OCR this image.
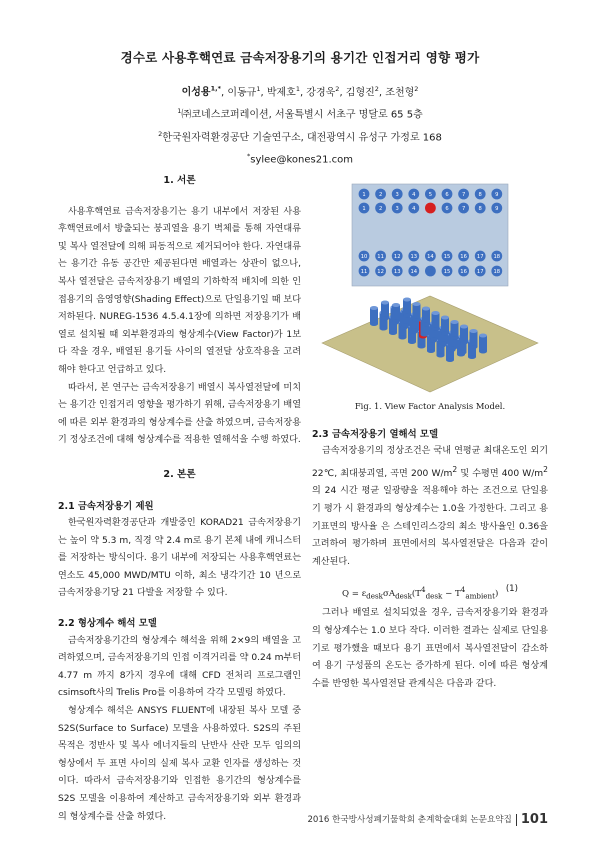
경수로 사용후핵연료 금속저장용기의 용기간 인접거리 영향 평가
이성용$^{1,*}$, 이동규$^1$, 박제호$^1$, 강경욱$^2$, 김형진$^2$, 조천형$^2$
$^1$㈜코네스코퍼레이션, 서울특별시 서초구 명달로 65 5층
$^2$한국원자력환경공단 기술연구소, 대전광역시 유성구 가정로 168
*sylee@kones21.com
1. 서론

사용후핵연료 금속저장용기는 용기 내부에서 저장된 사용후핵연료에서 방출되는 붕괴열을 용기 벽체를 통해 자연대류 및 복사 열전달에 의해 피동적으로 제거되어야 한다. 자연대류는 용기간 유동 공간만 제공된다면 배열과는 상관이 없으나, 복사 열전달은 금속저장용기 배열의 기하학적 배치에 의한 인접용기의 음영영향(Shading Effect)으로 단일용기일 때 보다 저하된다. NUREG-1536 4.5.4.1장에 의하면 저장용기가 배열로 설치될 때 외부환경과의 형상계수(View Factor)가 1보다 작을 경우, 배열된 용기들 사이의 열전달 상호작용을 고려해야 한다고 언급하고 있다.

따라서, 본 연구는 금속저장용기 배열시 복사열전달에 미치는 용기간 인접거리 영향을 평가하기 위해, 금속저장용기 배열에 따른 외부 환경과의 형상계수를 산출 하였으며, 금속저장용기 정상조건에 대해 형상계수를 적용한 열해석을 수행 하였다.

2. 본론

2.1 금속저장용기 제원

한국원자력환경공단과 개발중인 KORAD21 금속저장용기는 높이 약 5.3 m, 직경 약 2.4 m로 용기 본체 내에 캐니스터를 저장하는 방식이다. 용기 내부에 저장되는 사용후핵연료는 연소도 45,000 MWD/MTU 이하, 최소 냉각기간 10 년으로 금속저장용기당 21 다발을 저장할 수 있다.

2.2 형상계수 해석 모델

금속저장용기간의 형상계수 해석을 위해 2×9의 배열을 고려하였으며, 금속저장용기의 인접 이격거리를 약 0.24 m부터 4.77 m 까지 8가지 경우에 대해 CFD 전처리 프로그램인 csimsoft사의 Trelis Pro를 이용하여 각각 모델링 하였다.

형상계수 해석은 ANSYS FLUENT에 내장된 복사 모델 중 S2S(Surface to Surface) 모델을 사용하였다. S2S의 주된 목적은 정반사 및 복사 에너지들의 난반사 산란 모두 임의의 형상에서 두 표면 사이의 실제 복사 교환 인자를 생성하는 것이다. 따라서 금속저장용기와 인접한 용기간의 형상계수를 S2S 모델을 이용하여 계산하고 금속저장용기와 외부 환경과의 형상계수를 산출 하였다.

1	2	3	4	5	6	7	8	9
1	2	3	4	6	7	8	9
10 11 12 13 14 15 16 17 18
11 12 13 14	15 16 17 18
Fig. 1. View Factor Analysis Model.

2.3 금속저장용기 열해석 모델

금속저장용기의 정상조건은 국내 연평균 최대온도인 외기 22℃, 최대붕괴열, 곡면 200 $W/m^2$ 및 수평면 400 $W/m^2$의 24 시간 평균 일광량을 적용해야 하는 조건으로 단일용기 평가 시 환경과의 형상계수는 1.0을 가정한다. 그리고 용기표면의 방사율 은 스테인리스강의 최소 방사율인 0.36을 고려하여 평가하며 표면에서의 복사열전달은 다음과 같이 계산된다.

$Q = \varepsilon_{desk}\sigma A_{desk}(T^4_{desk} - T^4_{ambient})$ (1)

그러나 배열로 설치되었을 경우, 금속저장용기와 환경과의 형상계수는 1.0 보다 작다. 이러한 결과는 실제로 단일용기로 평가했을 때보다 용기 표면에서 복사열전달이 감소하여 용기 구성품의 온도는 증가하게 된다. 이에 따른 형상계수를 반영한 복사열전달 관계식은 다음과 같다.

2016 한국방사성폐기물학회 춘계학술대회 논문요약집 101
